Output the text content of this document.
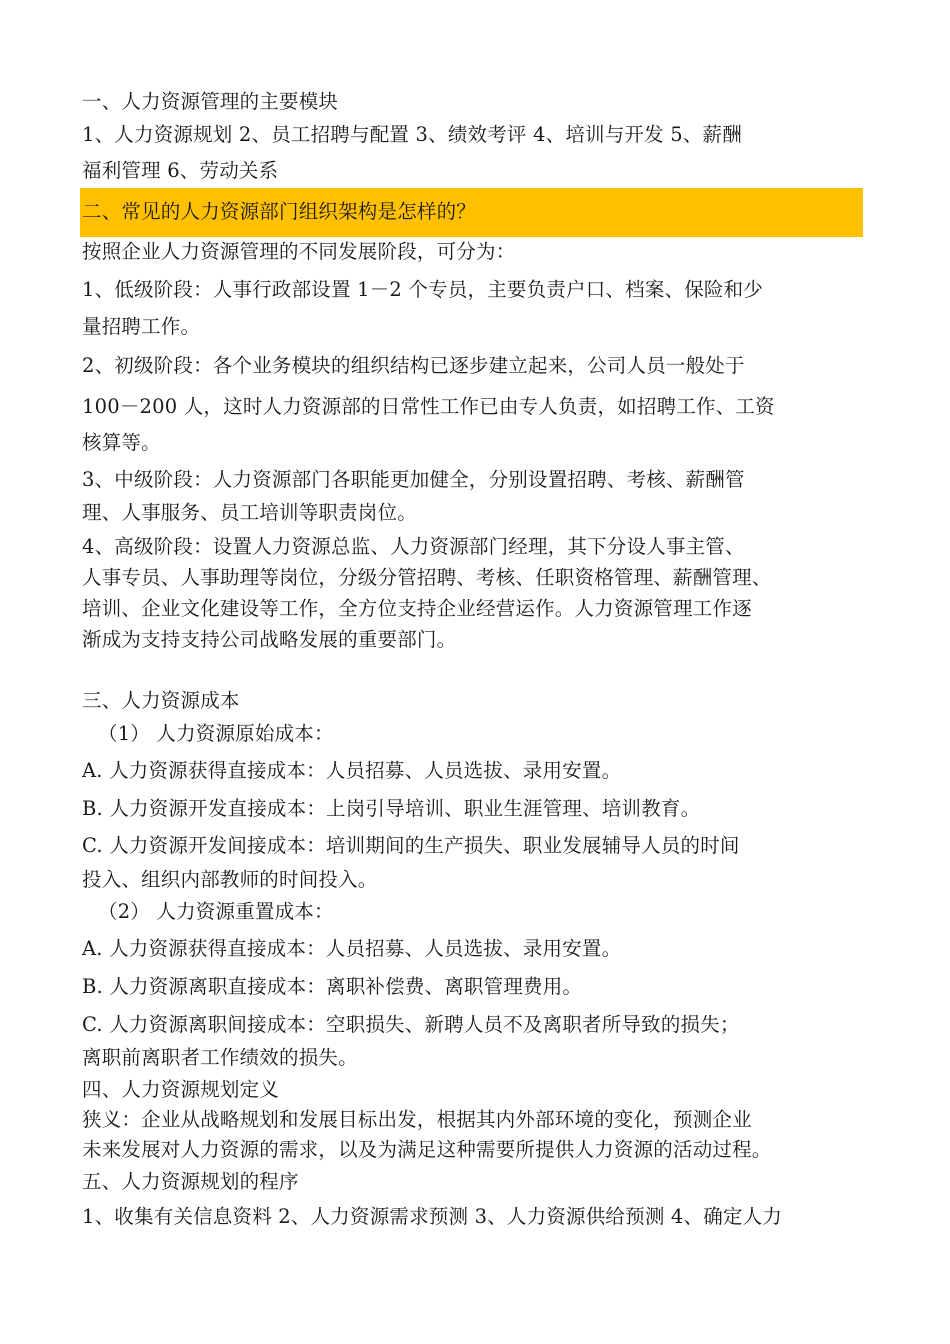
一、人力资源管理的主要模块
1、人力资源规划 2、员工招聘与配置 3、绩效考评 4、培训与开发 5、薪酬
福利管理 6、劳动关系
二、常见的人力资源部门组织架构是怎样的？
按照企业人力资源管理的不同发展阶段，可分为：
1、低级阶段：人事行政部设置 1－2 个专员，主要负责户口、档案、保险和少
量招聘工作。
2、初级阶段：各个业务模块的组织结构已逐步建立起来，公司人员一般处于
100－200 人，这时人力资源部的日常性工作已由专人负责，如招聘工作、工资
核算等。
3、中级阶段：人力资源部门各职能更加健全，分别设置招聘、考核、薪酬管
理、人事服务、员工培训等职责岗位。
4、高级阶段：设置人力资源总监、人力资源部门经理，其下分设人事主管、
人事专员、人事助理等岗位，分级分管招聘、考核、任职资格管理、薪酬管理、
培训、企业文化建设等工作，全方位支持企业经营运作。人力资源管理工作逐
渐成为支持支持公司战略发展的重要部门。
三、人力资源成本
（1） 人力资源原始成本：
A. 人力资源获得直接成本：人员招募、人员选拔、录用安置。
B. 人力资源开发直接成本：上岗引导培训、职业生涯管理、培训教育。
C. 人力资源开发间接成本：培训期间的生产损失、职业发展辅导人员的时间
投入、组织内部教师的时间投入。
（2） 人力资源重置成本：
A. 人力资源获得直接成本：人员招募、人员选拔、录用安置。
B. 人力资源离职直接成本：离职补偿费、离职管理费用。
C. 人力资源离职间接成本：空职损失、新聘人员不及离职者所导致的损失；
离职前离职者工作绩效的损失。
四、人力资源规划定义
狭义：企业从战略规划和发展目标出发，根据其内外部环境的变化，预测企业
未来发展对人力资源的需求，以及为满足这种需要所提供人力资源的活动过程。
五、人力资源规划的程序
1、收集有关信息资料 2、人力资源需求预测 3、人力资源供给预测 4、确定人力
